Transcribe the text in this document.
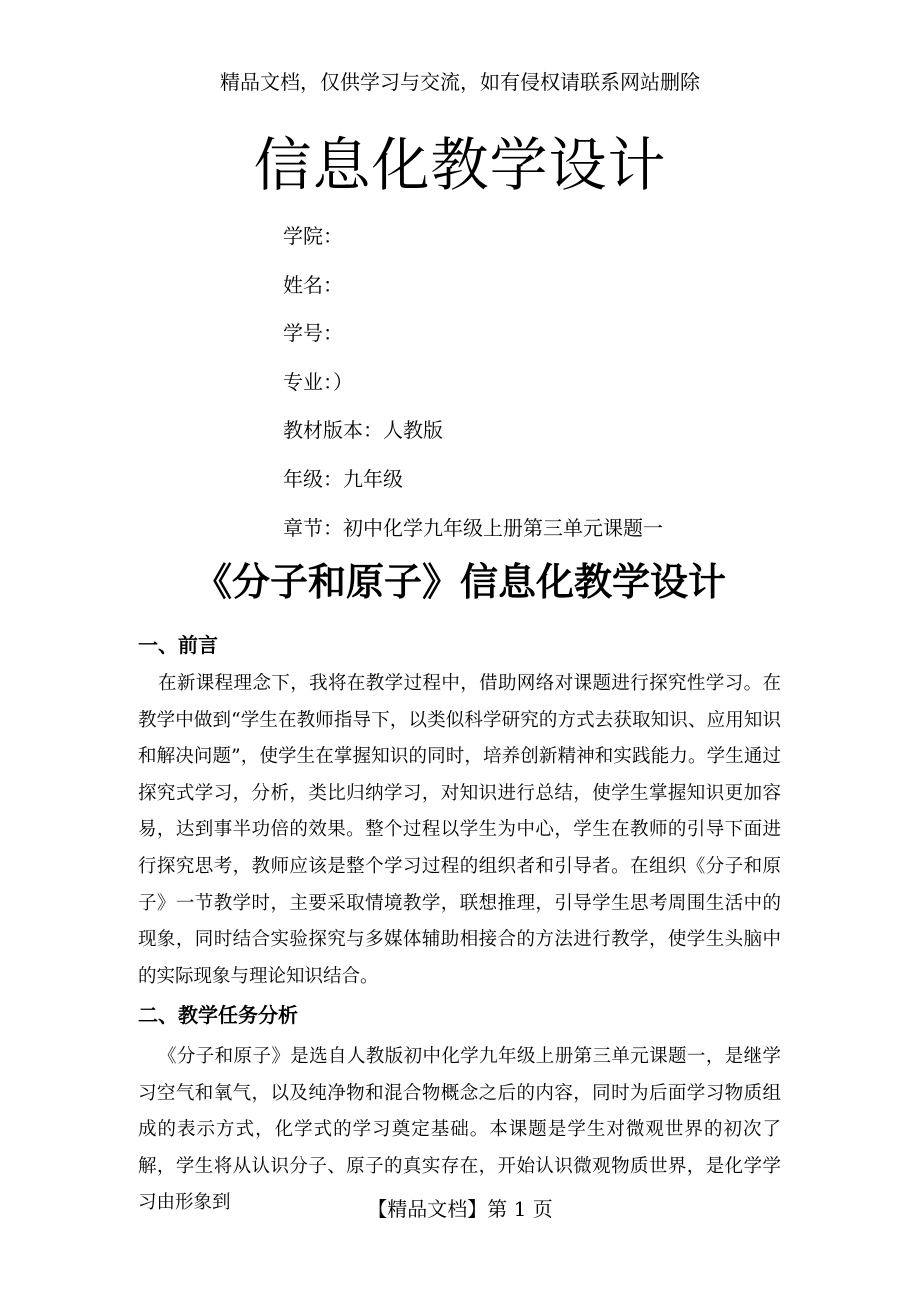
精品文档，仅供学习与交流，如有侵权请联系网站删除
信息化教学设计
学院：
姓名：
学号：
专业：）
教材版本：人教版
年级：九年级
章节：初中化学九年级上册第三单元课题一
《分子和原子》信息化教学设计
一、前言
在新课程理念下，我将在教学过程中，借助网络对课题进行探究性学习。在教学中做到“学生在教师指导下，以类似科学研究的方式去获取知识、应用知识和解决问题”，使学生在掌握知识的同时，培养创新精神和实践能力。学生通过探究式学习，分析，类比归纳学习，对知识进行总结，使学生掌握知识更加容易，达到事半功倍的效果。整个过程以学生为中心，学生在教师的引导下面进行探究思考，教师应该是整个学习过程的组织者和引导者。在组织《分子和原子》一节教学时，主要采取情境教学，联想推理，引导学生思考周围生活中的现象，同时结合实验探究与多媒体辅助相接合的方法进行教学，使学生头脑中的实际现象与理论知识结合。
二、教学任务分析
《分子和原子》是选自人教版初中化学九年级上册第三单元课题一，是继学习空气和氧气，以及纯净物和混合物概念之后的内容，同时为后面学习物质组成的表示方式，化学式的学习奠定基础。本课题是学生对微观世界的初次了解，学生将从认识分子、原子的真实存在，开始认识微观物质世界，是化学学习由形象到	【精品文档】第 1 页
